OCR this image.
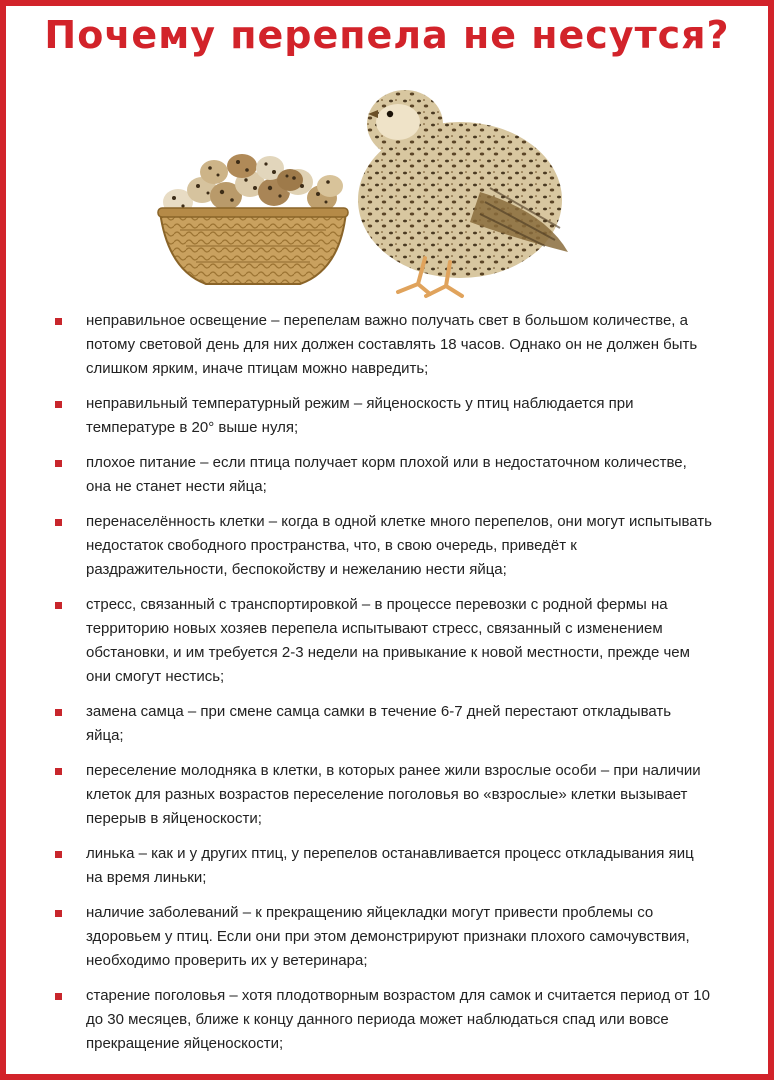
Почему перепела не несутся?
неправильное освещение – перепелам важно получать свет в большом количестве, а потому световой день для них должен составлять 18 часов. Однако он не должен быть слишком ярким, иначе птицам можно навредить;
неправильный температурный режим – яйценоскость у птиц наблюдается при температуре в 20° выше нуля;
плохое питание – если птица получает корм плохой или в недостаточном количестве, она не станет нести яйца;
перенаселённость клетки – когда в одной клетке много перепелов, они могут испытывать недостаток свободного пространства, что, в свою очередь, приведёт к раздражительности, беспокойству и нежеланию нести яйца;
стресс, связанный с транспортировкой – в процессе перевозки с родной фермы на территорию новых хозяев перепела испытывают стресс, связанный с изменением обстановки, и им требуется 2-3 недели на привыкание к новой местности, прежде чем они смогут нестись;
замена самца – при смене самца самки в течение 6-7 дней перестают откладывать яйца;
переселение молодняка в клетки, в которых ранее жили взрослые особи – при наличии клеток для разных возрастов переселение поголовья во «взрослые» клетки вызывает перерыв в яйценоскости;
линька – как и у других птиц, у перепелов останавливается процесс откладывания яиц на время линьки;
наличие заболеваний – к прекращению яйцекладки могут привести проблемы со здоровьем у птиц. Если они при этом демонстрируют признаки плохого самочувствия, необходимо проверить их у ветеринара;
старение поголовья – хотя плодотворным возрастом для самок и считается период от 10 до 30 месяцев, ближе к концу данного периода может наблюдаться спад или вовсе прекращение яйценоскости;
